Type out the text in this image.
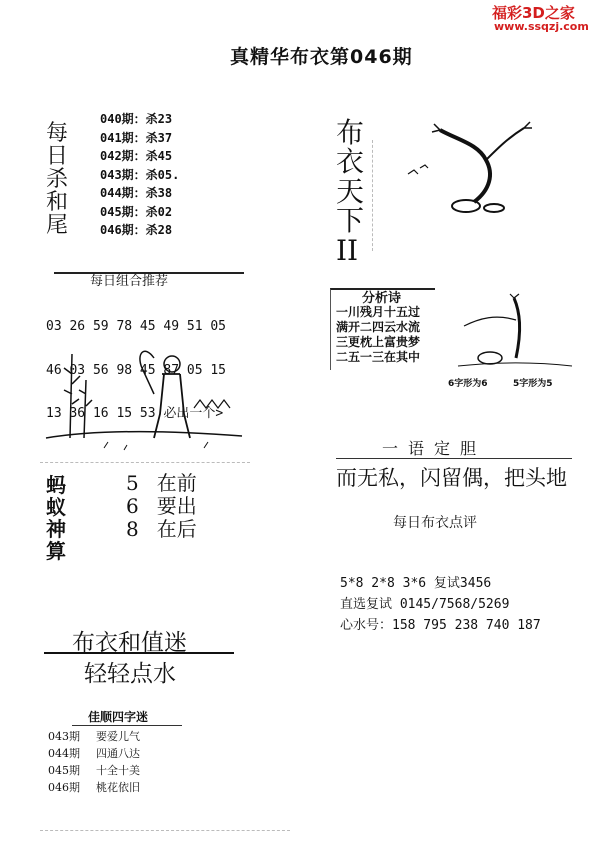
福彩3D之家
www.ssqzj.com
真精华布衣第046期
每
日
杀
和
尾
040期：杀23
041期：杀37
042期：杀45
043期：杀05.
044期：杀38
045期：杀02
046期：杀28
布
衣
天
下
II
每日组合推荐

03 26 59 78 45 49 51 05

46 03 56 98 45 87 05 15

13 36 16 15 53 必出一个>

蚂
蚁
神
算
5 在前
6 要出
8 在后
分析诗
一川残月十五过
满开二四云水流
三更枕上富贵梦
二五一三在其中
6字形为6	5字形为5
一语定胆
而无私，闪留偶，把头地
每日布衣点评
5*8 2*8 3*6 复试3456
直选复试 0145/7568/5269
心水号：158 795 238 740 187
布衣和值迷
轻轻点水
佳顺四字迷
043期 要爱儿气
044期 四通八达
045期 十全十美
046期 桃花依旧
